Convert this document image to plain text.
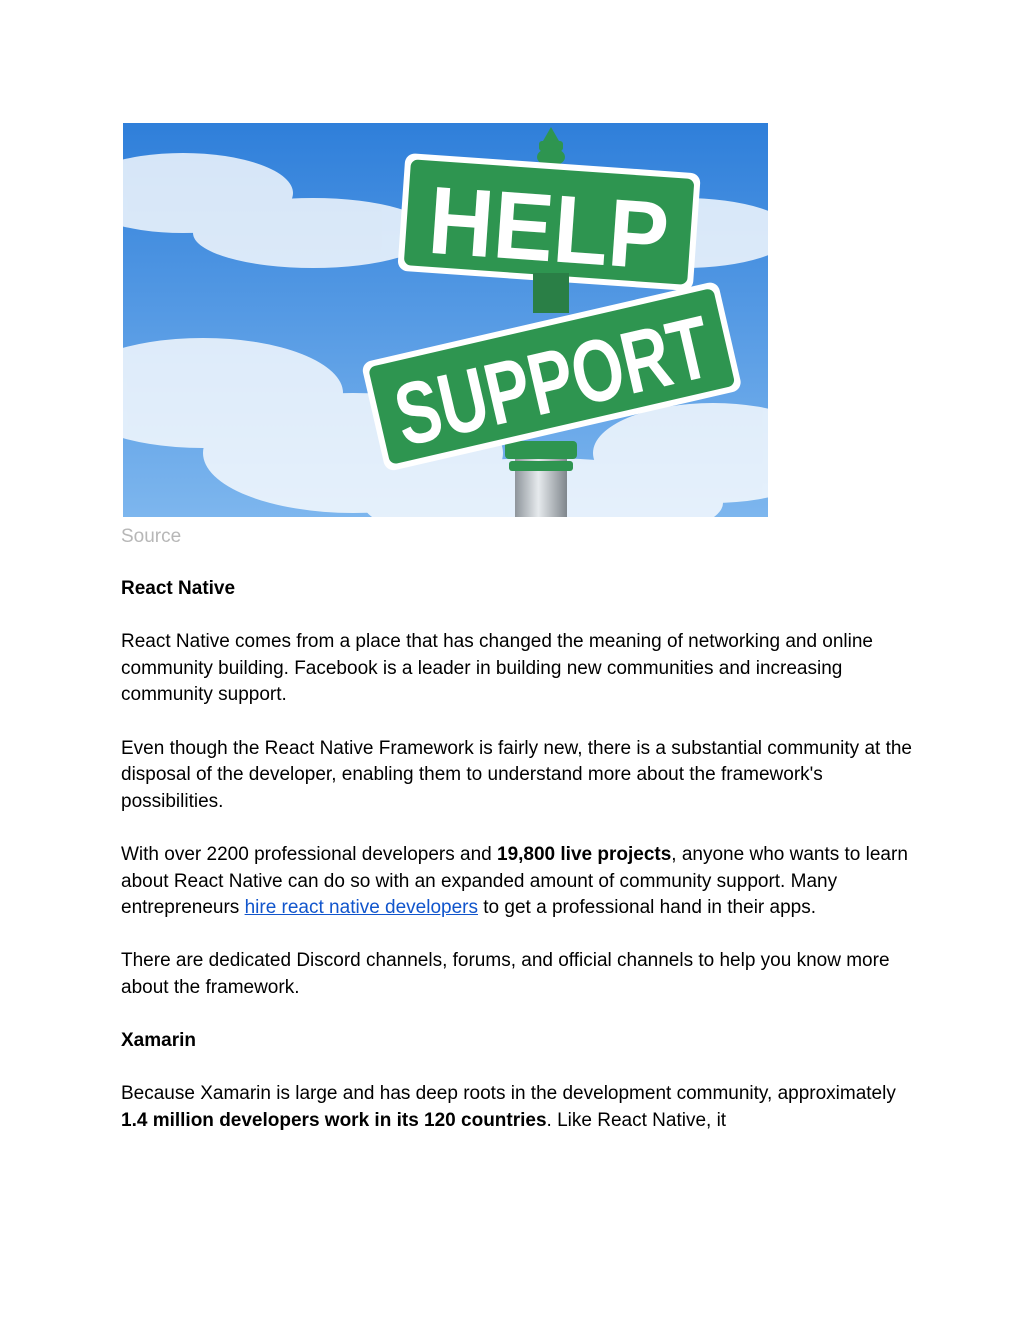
HELP
SUPPORT
Source
React Native

React Native comes from a place that has changed the meaning of networking and online community building. Facebook is a leader in building new communities and increasing community support.

Even though the React Native Framework is fairly new, there is a substantial community at the disposal of the developer, enabling them to understand more about the framework's possibilities.

With over 2200 professional developers and 19,800 live projects, anyone who wants to learn about React Native can do so with an expanded amount of community support. Many entrepreneurs hire react native developers to get a professional hand in their apps.

There are dedicated Discord channels, forums, and official channels to help you know more about the framework.

Xamarin

Because Xamarin is large and has deep roots in the development community, approximately 1.4 million developers work in its 120 countries. Like React Native, it
